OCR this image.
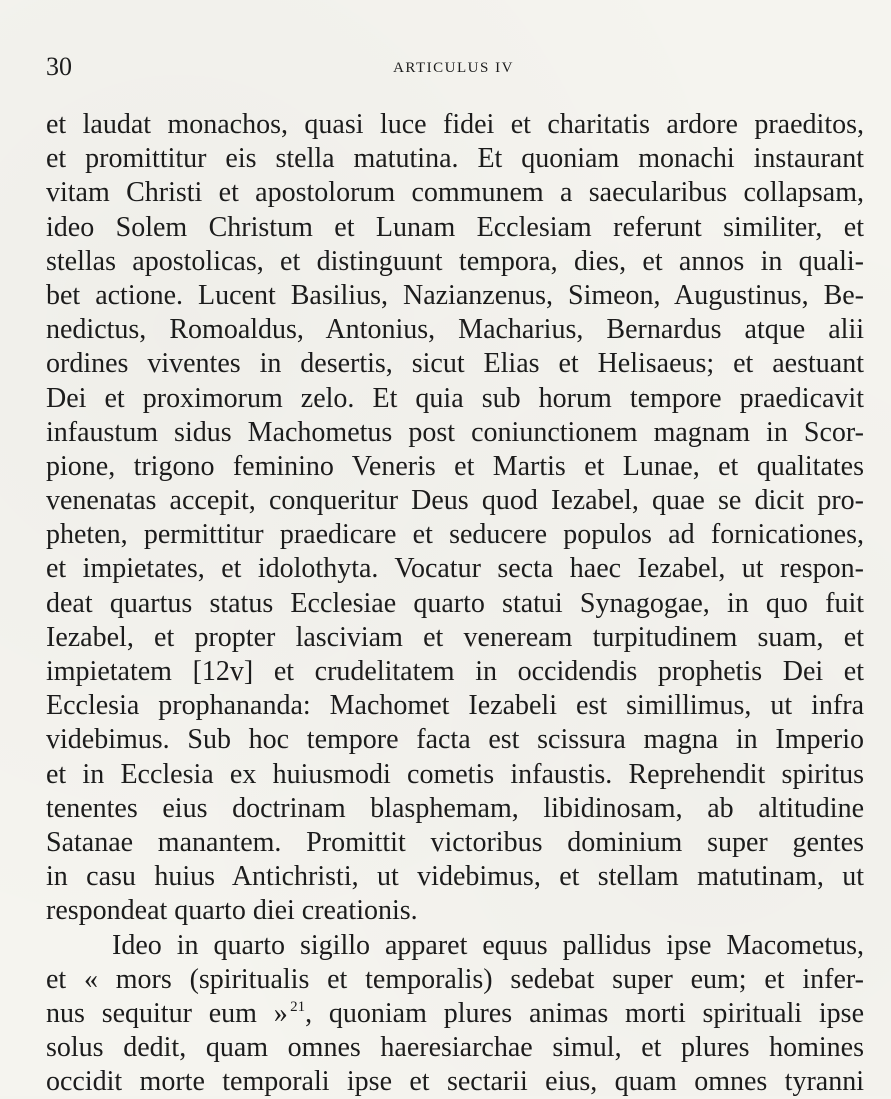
30	ARTICULUS IV
et laudat monachos, quasi luce fidei et charitatis ardore praeditos,
et promittitur eis stella matutina. Et quoniam monachi instaurant
vitam Christi et apostolorum communem a saecularibus collapsam,
ideo Solem Christum et Lunam Ecclesiam referunt similiter, et
stellas apostolicas, et distinguunt tempora, dies, et annos in quali-
bet actione. Lucent Basilius, Nazianzenus, Simeon, Augustinus, Be-
nedictus, Romoaldus, Antonius, Macharius, Bernardus atque alii
ordines viventes in desertis, sicut Elias et Helisaeus; et aestuant
Dei et proximorum zelo. Et quia sub horum tempore praedicavit
infaustum sidus Machometus post coniunctionem magnam in Scor-
pione, trigono feminino Veneris et Martis et Lunae, et qualitates
venenatas accepit, conqueritur Deus quod Iezabel, quae se dicit pro-
pheten, permittitur praedicare et seducere populos ad fornicationes,
et impietates, et idolothyta. Vocatur secta haec Iezabel, ut respon-
deat quartus status Ecclesiae quarto statui Synagogae, in quo fuit
Iezabel, et propter lasciviam et veneream turpitudinem suam, et
impietatem [12v] et crudelitatem in occidendis prophetis Dei et
Ecclesia prophananda: Machomet Iezabeli est simillimus, ut infra
videbimus. Sub hoc tempore facta est scissura magna in Imperio
et in Ecclesia ex huiusmodi cometis infaustis. Reprehendit spiritus
tenentes eius doctrinam blasphemam, libidinosam, ab altitudine
Satanae manantem. Promittit victoribus dominium super gentes
in casu huius Antichristi, ut videbimus, et stellam matutinam, ut
respondeat quarto diei creationis.
Ideo in quarto sigillo apparet equus pallidus ipse Macometus,
et « mors (spiritualis et temporalis) sedebat super eum; et infer-
nus sequitur eum »  $^{21}$, quoniam plures animas morti spirituali ipse
solus dedit, quam omnes haeresiarchae simul, et plures homines
occidit morte temporali ipse et sectarii eius, quam omnes tyranni
